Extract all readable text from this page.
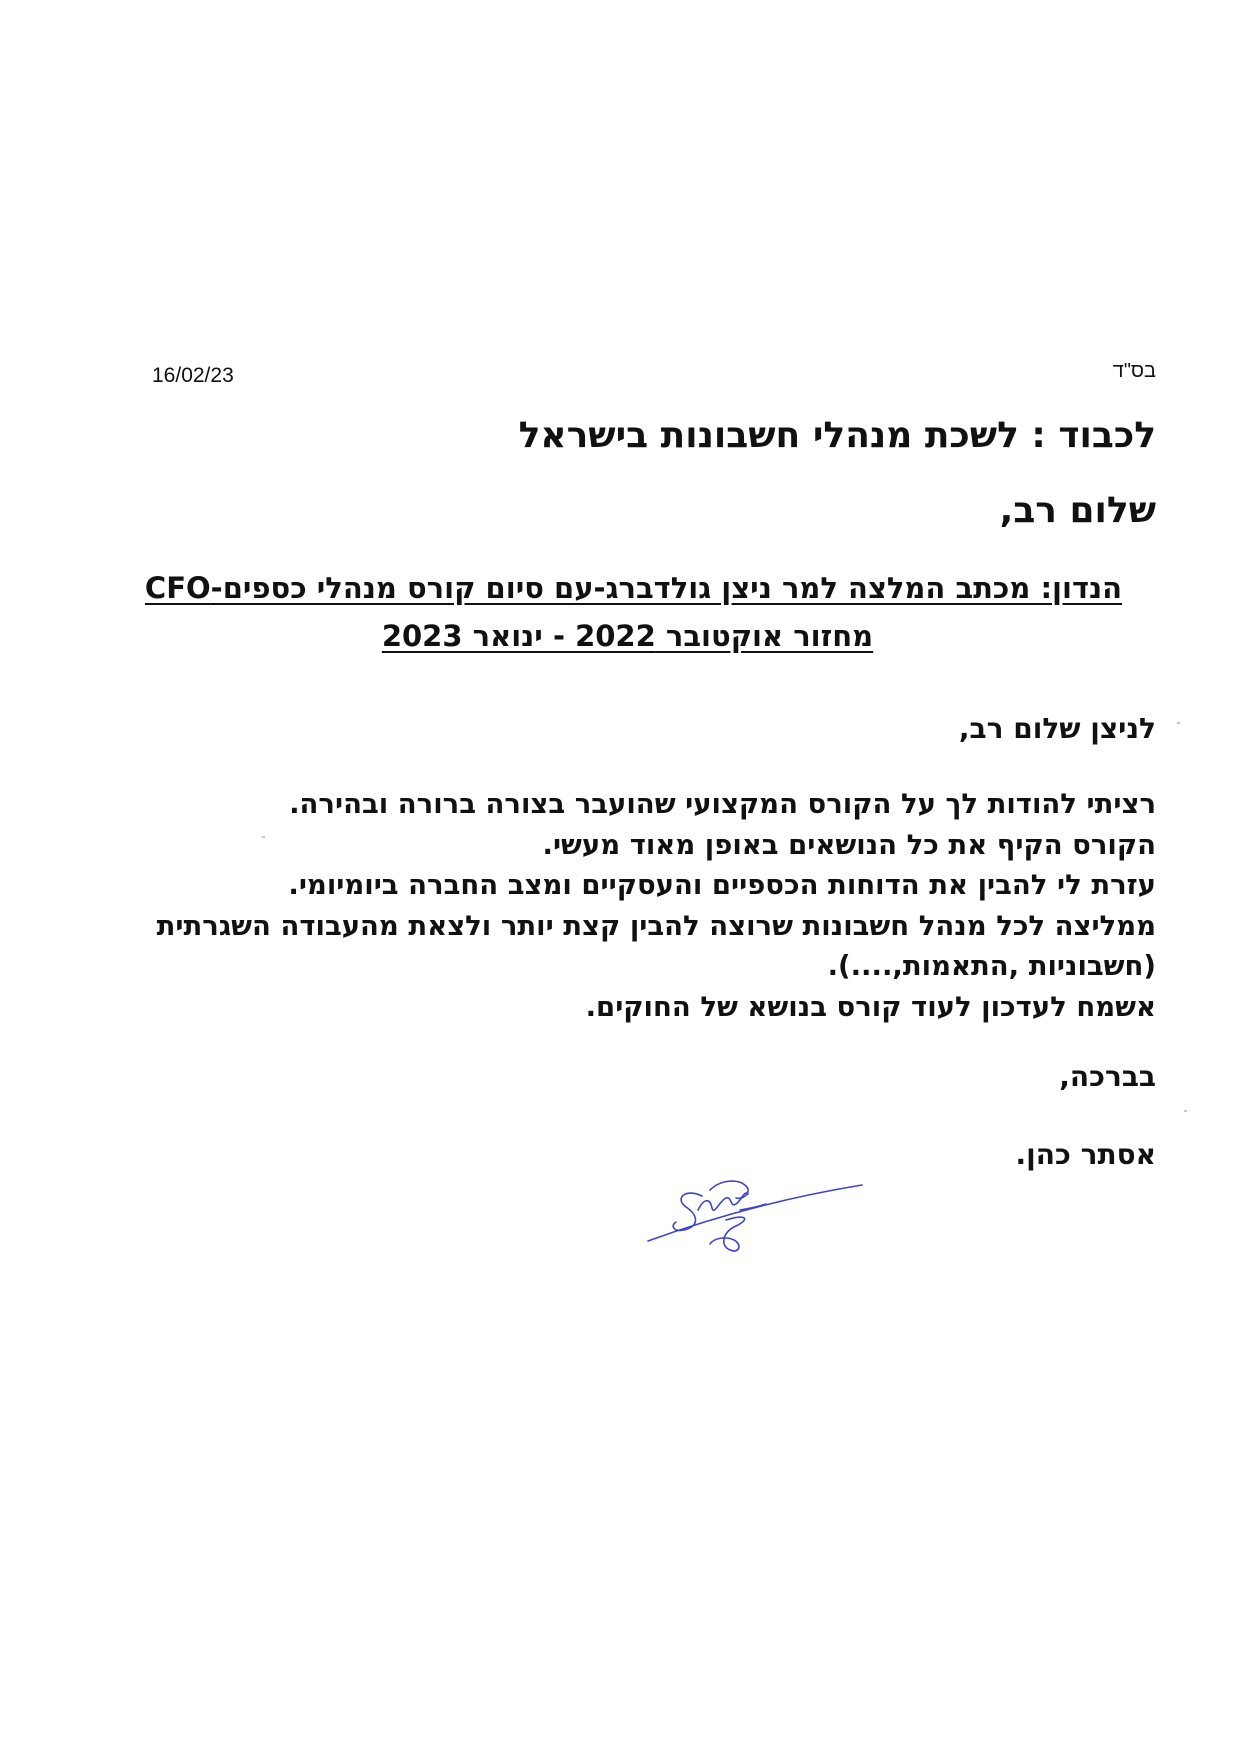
בס"ד
16/02/23
לכבוד : לשכת מנהלי חשבונות בישראל
שלום רב,
הנדון: מכתב המלצה למר ניצן גולדברג-עם סיום קורס מנהלי כספים-CFO
מחזור אוקטובר 2022 - ינואר 2023
לניצן שלום רב,
רציתי להודות לך על הקורס המקצועי שהועבר בצורה ברורה ובהירה.
הקורס הקיף את כל הנושאים באופן מאוד מעשי.
עזרת לי להבין את הדוחות הכספיים והעסקיים ומצב החברה ביומיומי.
ממליצה לכל מנהל חשבונות שרוצה להבין קצת יותר ולצאת מהעבודה השגרתית
(חשבוניות ,התאמות,....).
אשמח לעדכון לעוד קורס בנושא של החוקים.
בברכה,
אסתר כהן.
